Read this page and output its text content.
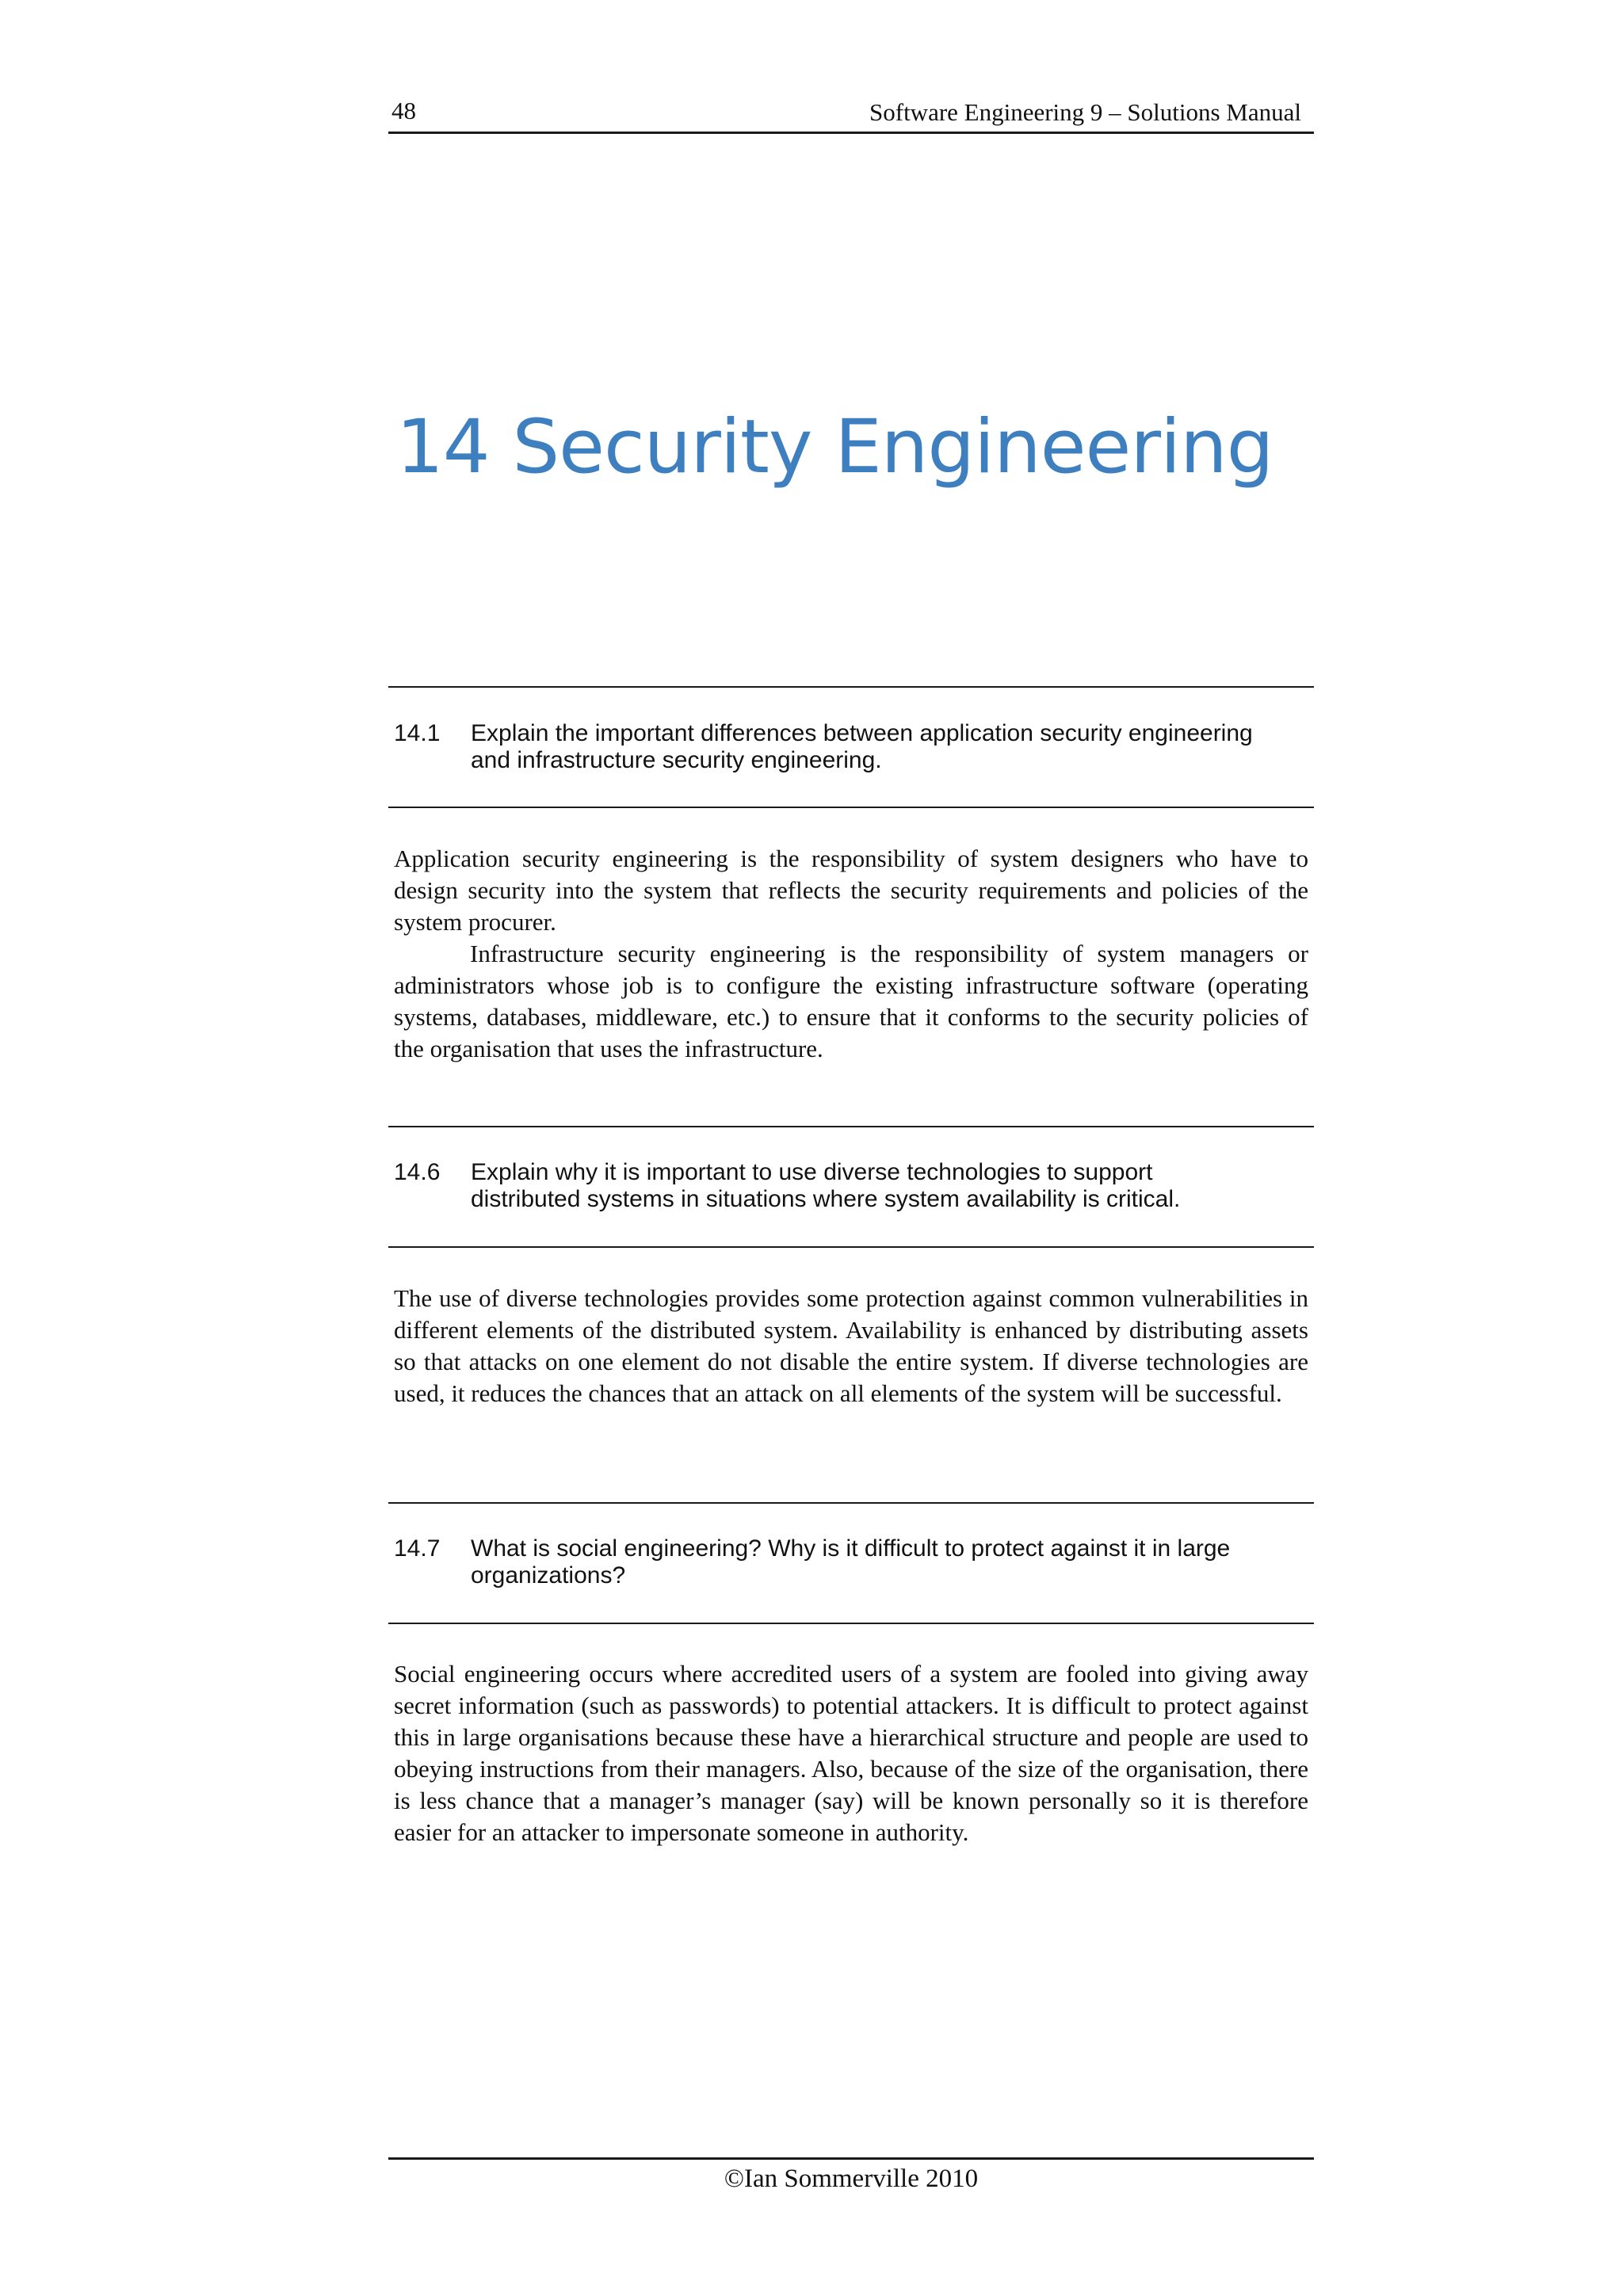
48	Software Engineering 9 – Solutions Manual
14 Security Engineering
14.1 Explain the important differences between application security engineering
and infrastructure security engineering.

Application security engineering is the responsibility of system designers who have to design security into the system that reflects the security requirements and policies of the system procurer.

Infrastructure security engineering is the responsibility of system managers or administrators whose job is to configure the existing infrastructure software (operating systems, databases, middleware, etc.) to ensure that it conforms to the security policies of the organisation that uses the infrastructure.

14.6 Explain why it is important to use diverse technologies to support
distributed systems in situations where system availability is critical.

The use of diverse technologies provides some protection against common vulnerabilities in different elements of the distributed system. Availability is enhanced by distributing assets so that attacks on one element do not disable the entire system. If diverse technologies are used, it reduces the chances that an attack on all elements of the system will be successful.

14.7 What is social engineering? Why is it difficult to protect against it in large
organizations?

Social engineering occurs where accredited users of a system are fooled into giving away secret information (such as passwords) to potential attackers. It is difficult to protect against this in large organisations because these have a hierarchical structure and people are used to obeying instructions from their managers. Also, because of the size of the organisation, there is less chance that a manager’s manager (say) will be known personally so it is therefore easier for an attacker to impersonate someone in authority.

©Ian Sommerville 2010
